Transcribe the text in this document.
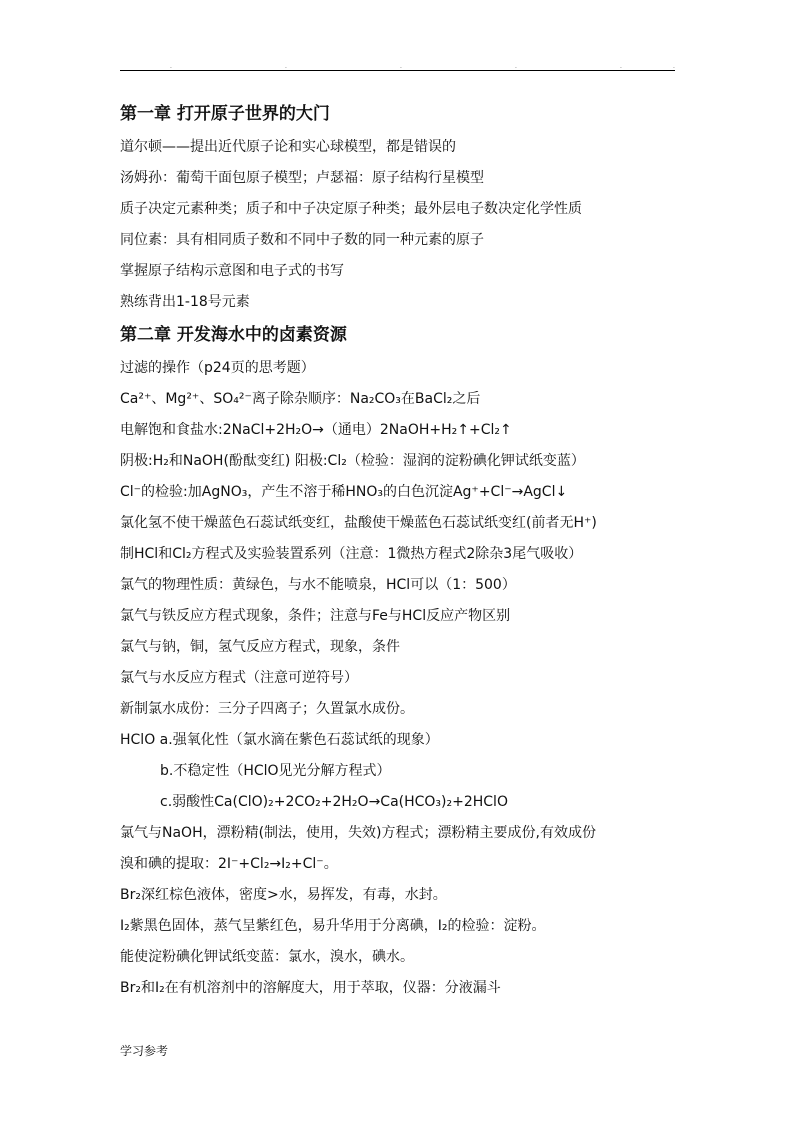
.	.	.	.	.	.
第一章 打开原子世界的大门
道尔顿——提出近代原子论和实心球模型，都是错误的
汤姆孙：葡萄干面包原子模型；卢瑟福：原子结构行星模型
质子决定元素种类；质子和中子决定原子种类；最外层电子数决定化学性质
同位素：具有相同质子数和不同中子数的同一种元素的原子
掌握原子结构示意图和电子式的书写
熟练背出1-18号元素
第二章 开发海水中的卤素资源
过滤的操作（p24页的思考题）
Ca²⁺、Mg²⁺、SO₄²⁻离子除杂顺序：Na₂CO₃在BaCl₂之后
电解饱和食盐水:2NaCl+2H₂O→（通电）2NaOH+H₂↑+Cl₂↑
阴极:H₂和NaOH(酚酞变红) 阳极:Cl₂（检验：湿润的淀粉碘化钾试纸变蓝）
Cl⁻的检验:加AgNO₃，产生不溶于稀HNO₃的白色沉淀Ag⁺+Cl⁻→AgCl↓
氯化氢不使干燥蓝色石蕊试纸变红，盐酸使干燥蓝色石蕊试纸变红(前者无H⁺)
制HCl和Cl₂方程式及实验装置系列（注意：1微热方程式2除杂3尾气吸收）
氯气的物理性质：黄绿色，与水不能喷泉，HCl可以（1：500）
氯气与铁反应方程式现象，条件；注意与Fe与HCl反应产物区别
氯气与钠，铜，氢气反应方程式，现象，条件
氯气与水反应方程式（注意可逆符号）
新制氯水成份：三分子四离子；久置氯水成份。
HClO a.强氧化性（氯水滴在紫色石蕊试纸的现象）
b.不稳定性（HClO见光分解方程式）
c.弱酸性Ca(ClO)₂+2CO₂+2H₂O→Ca(HCO₃)₂+2HClO
氯气与NaOH，漂粉精(制法，使用，失效)方程式；漂粉精主要成份,有效成份
溴和碘的提取：2I⁻+Cl₂→I₂+Cl⁻。
Br₂深红棕色液体，密度>水，易挥发，有毒，水封。
I₂紫黑色固体，蒸气呈紫红色，易升华用于分离碘，I₂的检验：淀粉。
能使淀粉碘化钾试纸变蓝：氯水，溴水，碘水。
Br₂和I₂在有机溶剂中的溶解度大，用于萃取，仪器：分液漏斗
学习参考
